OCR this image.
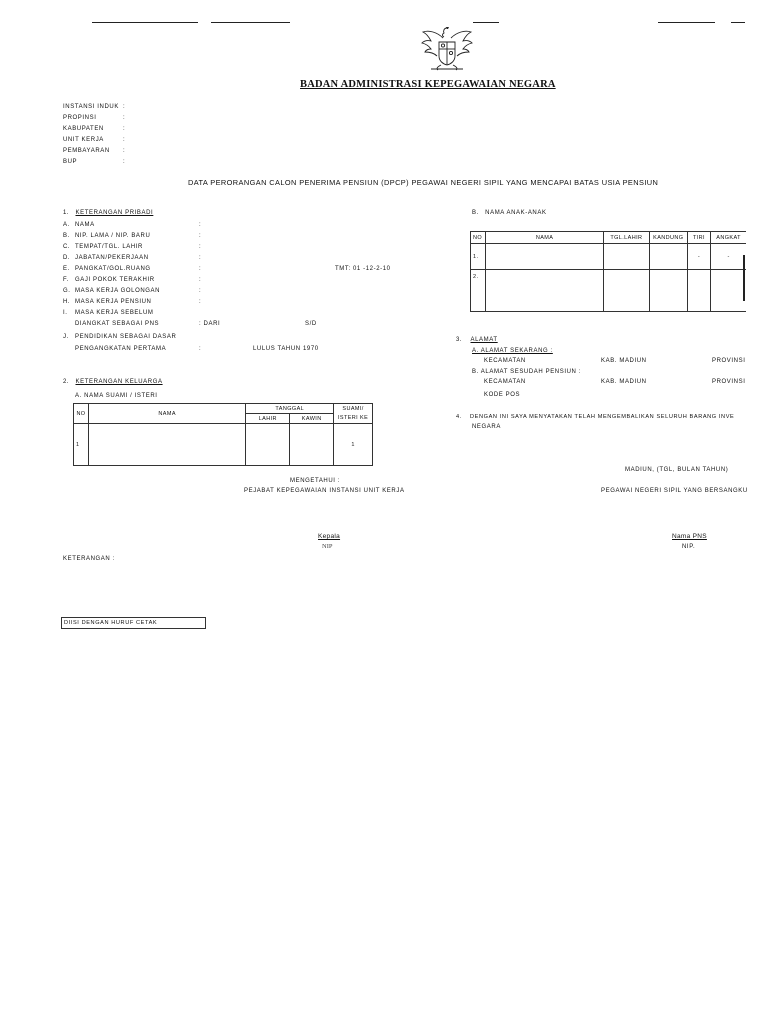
BADAN ADMINISTRASI KEPEGAWAIAN NEGARA
INSTANSI INDUK :
PROPINSI	:
KABUPATEN	:
UNIT KERJA	:
PEMBAYARAN :
BUP	:
DATA PERORANGAN CALON PENERIMA PENSIUN (DPCP) PEGAWAI NEGERI SIPIL YANG MENCAPAI BATAS USIA PENSIUN
1. KETERANGAN PRIBADI
A. NAMA	:
B. NIP. LAMA / NIP. BARU	:
C. TEMPAT/TGL. LAHIR	:
D. JABATAN/PEKERJAAN	:
E. PANGKAT/GOL.RUANG	:	TMT: 01 -12-2-10
F. GAJI POKOK TERAKHIR	:
G. MASA KERJA GOLONGAN	:
H. MASA KERJA PENSIUN	:
I. MASA KERJA SEBELUM
DIANGKAT SEBAGAI PNS	: DARI	S/D
J. PENDIDIKAN SEBAGAI DASAR
PENGANGKATAN PERTAMA	:	LULUS TAHUN 1970
2. KETERANGAN KELUARGA
A. NAMA SUAMI / ISTERI
NO	NAMA	TANGGAL		SUAMI/
		LAHIR	KAWIN	ISTERI KE
1				1
B. NAMA ANAK-ANAK
NO	NAMA	TGL.LAHIR	KANDUNG	TIRI	ANGKAT
1.				-	-
2.					
3. ALAMAT
A. ALAMAT SEKARANG :
KECAMATAN	KAB. MADIUN	PROVINSI
B. ALAMAT SESUDAH PENSIUN :
KECAMATAN	KAB. MADIUN	PROVINSI
KODE POS
4. DENGAN INI SAYA MENYATAKAN TELAH MENGEMBALIKAN SELURUH BARANG INVE
NEGARA
MADIUN, (TGL, BULAN TAHUN)
MENGETAHUI :
PEJABAT KEPEGAWAIAN INSTANSI UNIT KERJA	PEGAWAI NEGERI SIPIL YANG BERSANGKU
Kepala
NIP
Nama PNS
NIP.
KETERANGAN :
DIISI DENGAN HURUF CETAK
